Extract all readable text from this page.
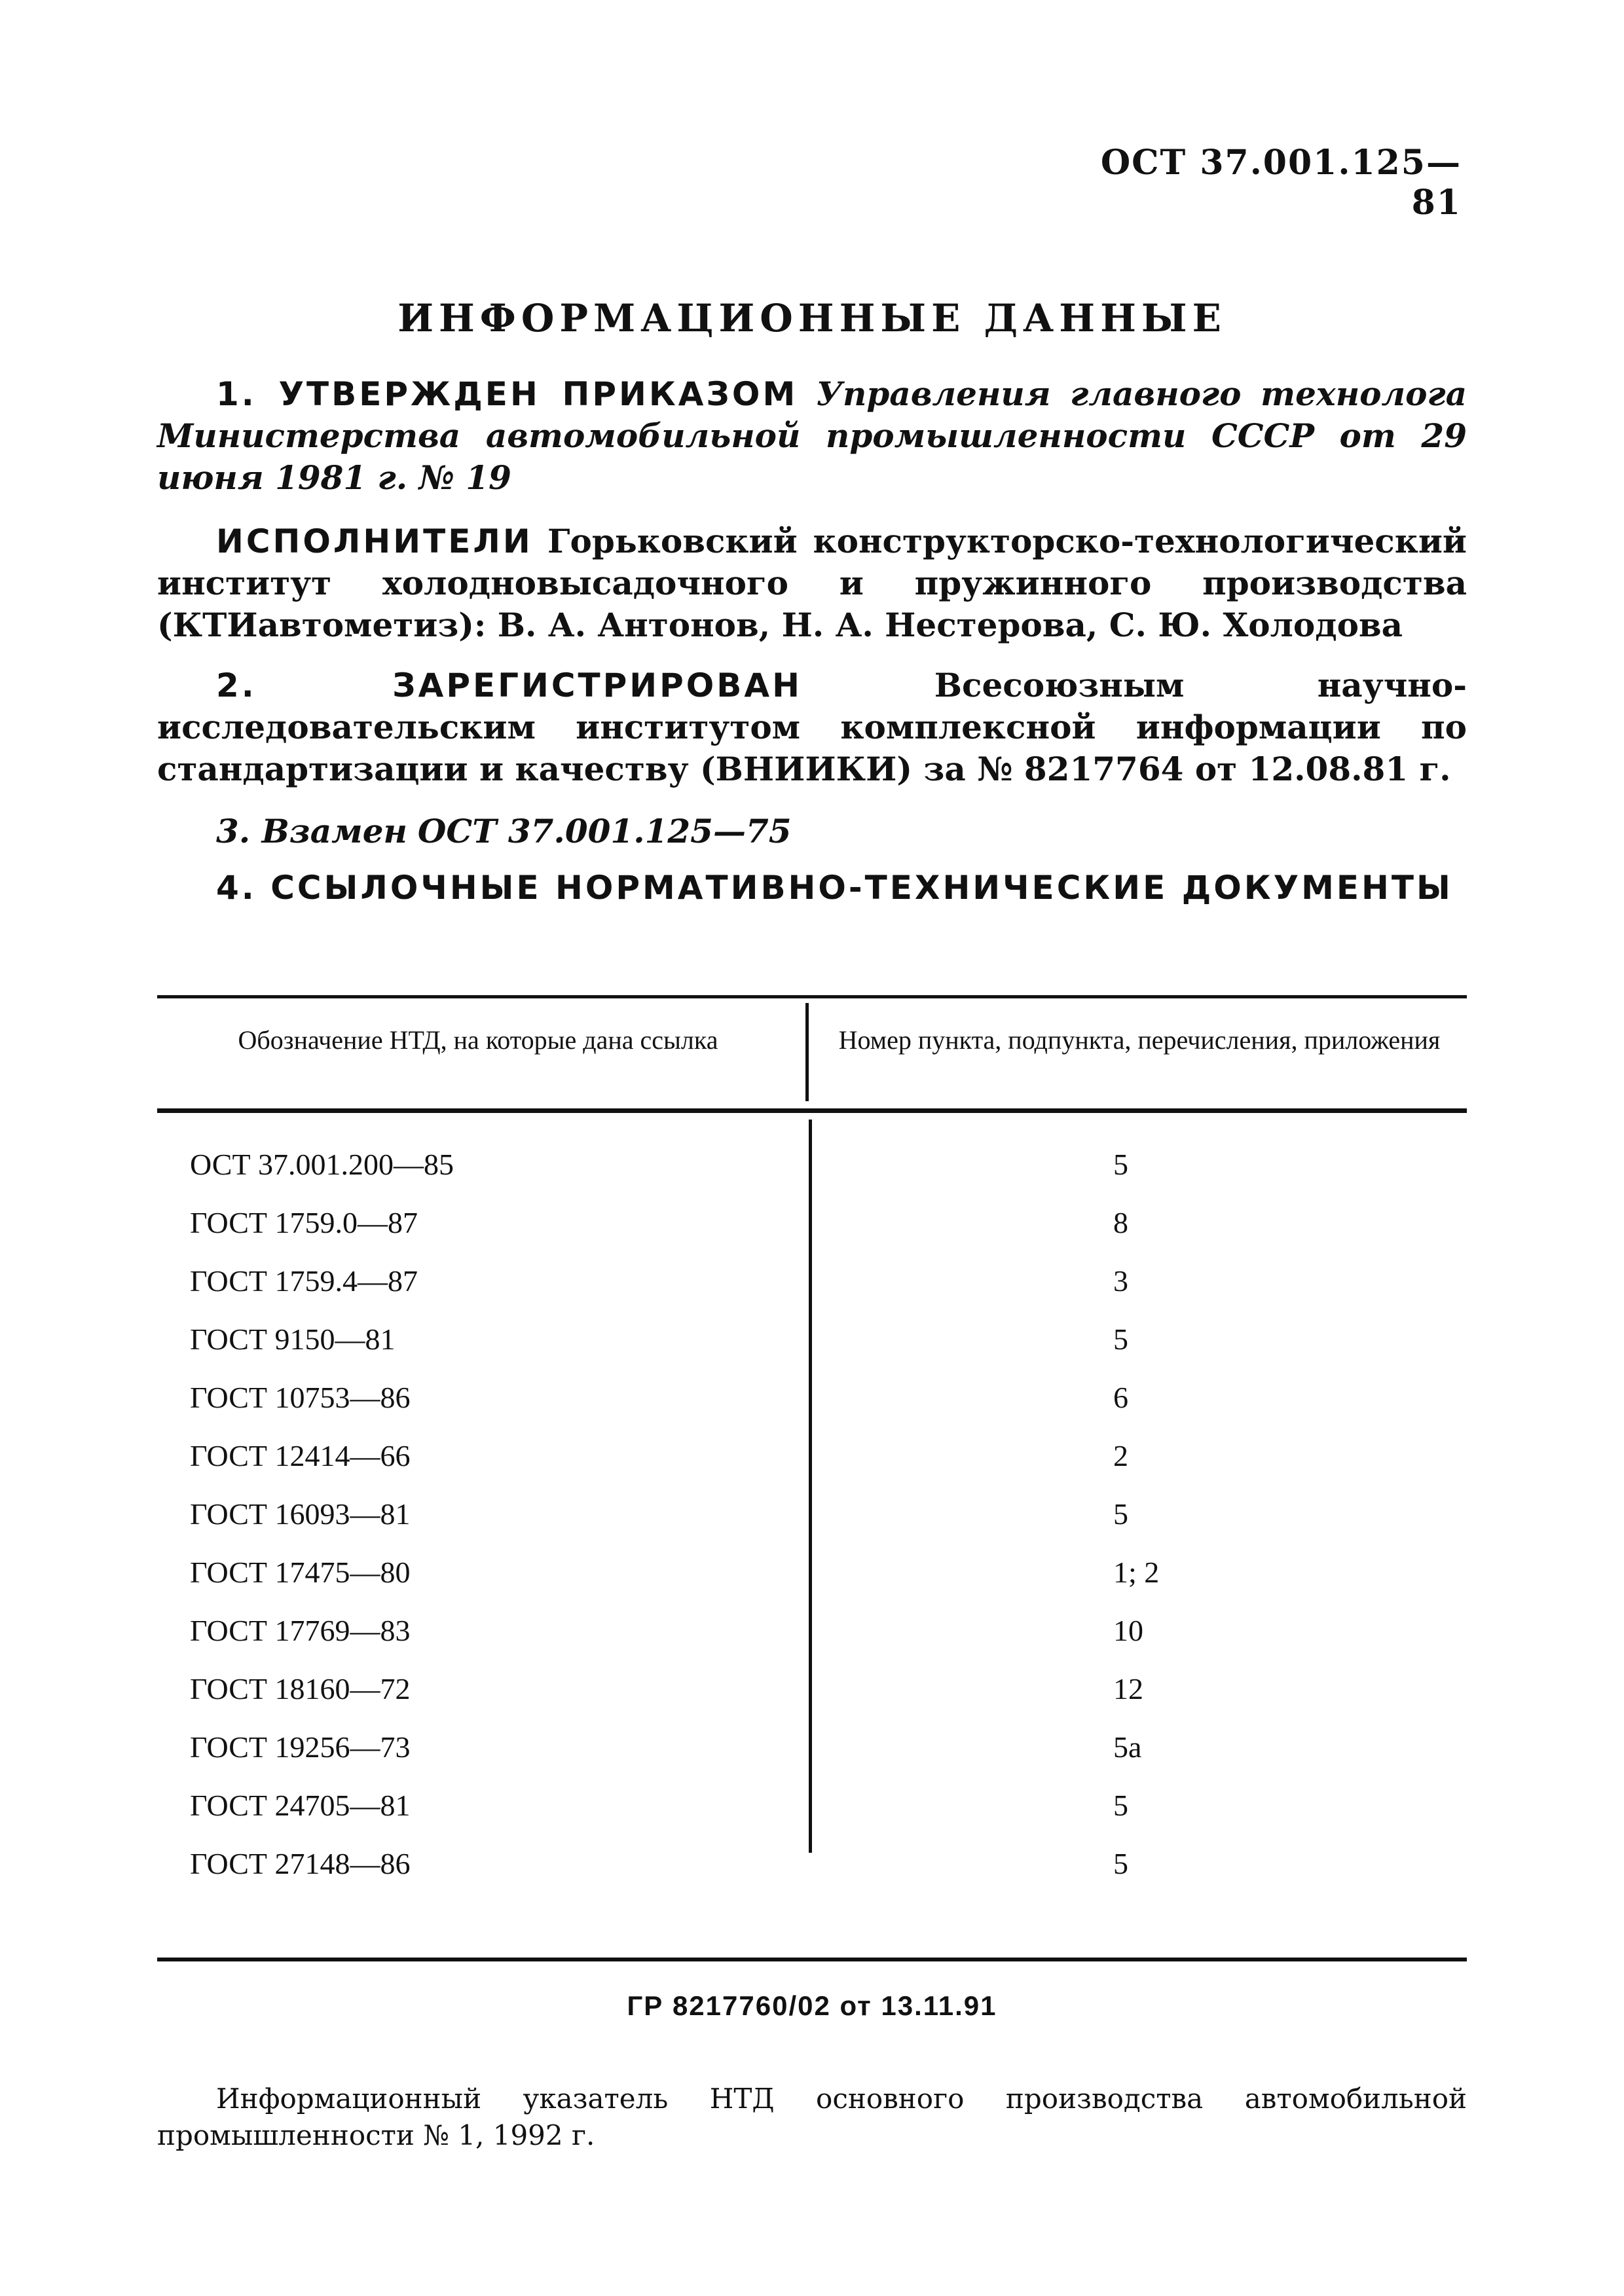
ОСТ 37.001.125—81
ИНФОРМАЦИОННЫЕ ДАННЫЕ
1. УТВЕРЖДЕН ПРИКАЗОМ Управления главного технолога Министерства автомобильной промышленности СССР от 29 июня 1981 г. № 19
ИСПОЛНИТЕЛИ Горьковский конструкторско-технологический институт холодновысадочного и пружинного производства (КТИавтометиз): В. А. Антонов, Н. А. Нестерова, С. Ю. Холодова
2. ЗАРЕГИСТРИРОВАН	Всесоюзным научно-исследовательским институтом комплексной информации по стандартизации и качеству (ВНИИКИ) за № 8217764 от 12.08.81 г.
3. Взамен ОСТ 37.001.125—75
4. ССЫЛОЧНЫЕ НОРМАТИВНО-ТЕХНИЧЕСКИЕ ДОКУМЕНТЫ
Обозначение НТД, на которые дана ссылка	Номер пункта, подпункта, перечисления, приложения
ОСТ 37.001.200—85	5
ГОСТ 1759.0—87	8
ГОСТ 1759.4—87	3
ГОСТ 9150—81	5
ГОСТ 10753—86	6
ГОСТ 12414—66	2
ГОСТ 16093—81	5
ГОСТ 17475—80	1; 2
ГОСТ 17769—83	10
ГОСТ 18160—72	12
ГОСТ 19256—73	5а
ГОСТ 24705—81	5
ГОСТ 27148—86	5
ГР 8217760/02 от 13.11.91
Информационный указатель НТД основного производства автомобильной промышленности № 1, 1992 г.
